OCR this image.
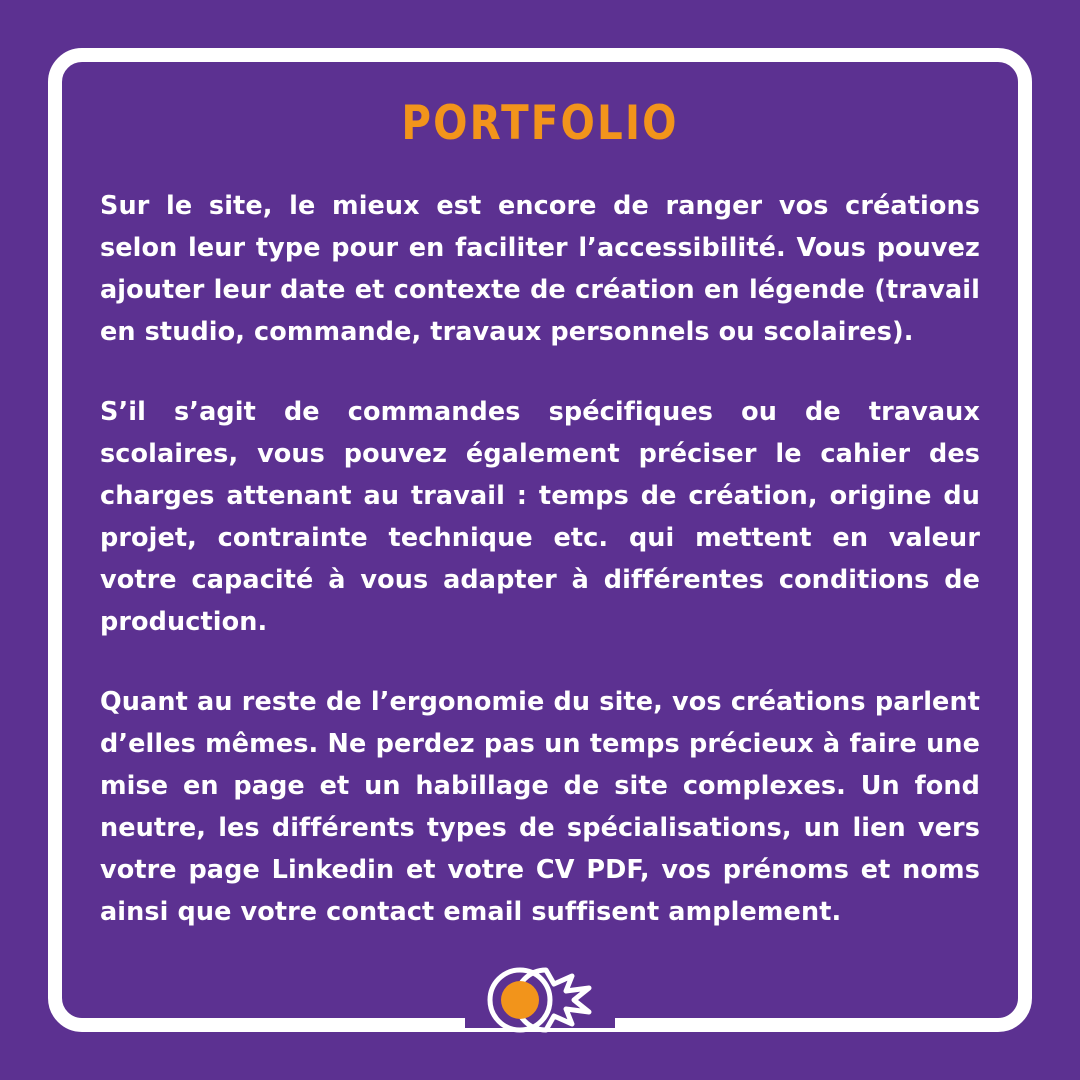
PORTFOLIO

Sur le site, le mieux est encore de ranger vos créations selon leur type pour en faciliter l’accessibilité. Vous pouvez ajouter leur date et contexte de création en légende (travail en studio, commande, travaux personnels ou scolaires).

S’il s’agit de commandes spécifiques ou de travaux scolaires, vous pouvez également préciser le cahier des charges attenant au travail : temps de création, origine du projet, contrainte technique etc. qui mettent en valeur votre capacité à vous adapter à différentes conditions de production.

Quant au reste de l’ergonomie du site, vos créations parlent d’elles mêmes. Ne perdez pas un temps précieux à faire une mise en page et un habillage de site complexes. Un fond neutre, les différents types de spécialisations, un lien vers votre page Linkedin et votre CV PDF, vos prénoms et noms ainsi que votre contact email suffisent amplement.
